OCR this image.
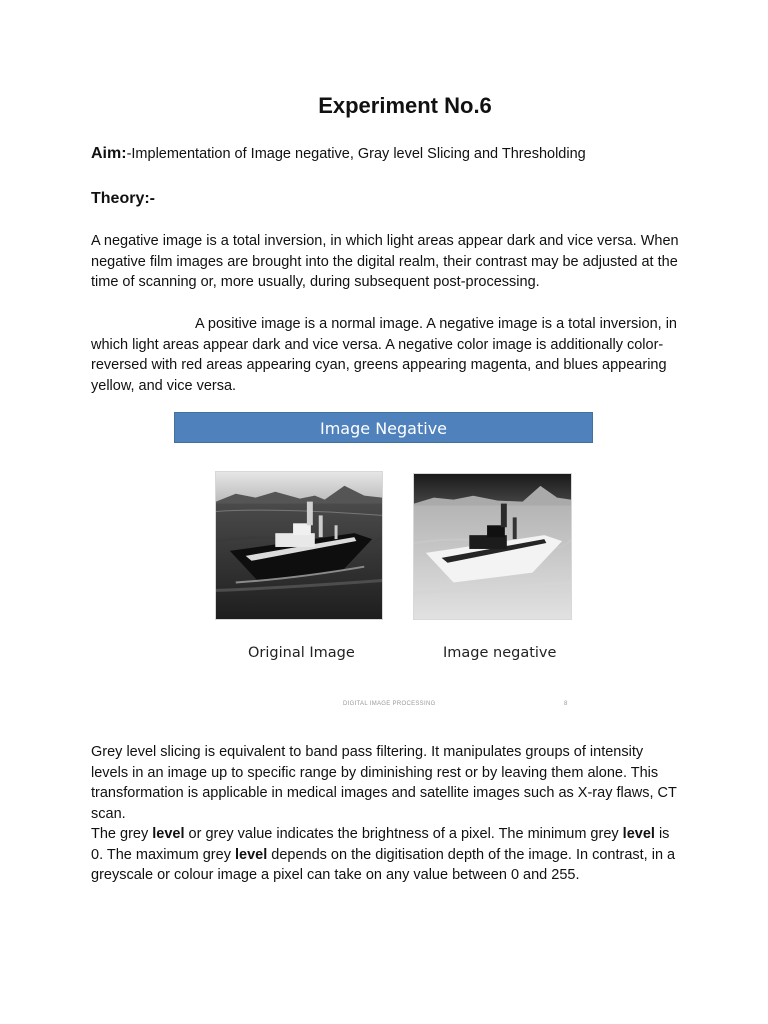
Experiment No.6
Aim:-Implementation of Image negative, Gray level Slicing and Thresholding
Theory:-

A negative image is a total inversion, in which light areas appear dark and vice versa. When negative film images are brought into the digital realm, their contrast may be adjusted at the time of scanning or, more usually, during subsequent post-processing.

A positive image is a normal image. A negative image is a total inversion, in which light areas appear dark and vice versa. A negative color image is additionally color-reversed with red areas appearing cyan, greens appearing magenta, and blues appearing yellow, and vice versa.

Image Negative
Original Image	Image negative
DIGITAL IMAGE PROCESSING	8

Grey level slicing is equivalent to band pass filtering. It manipulates groups of intensity levels in an image up to specific range by diminishing rest or by leaving them alone. This transformation is applicable in medical images and satellite images such as X-ray flaws, CT scan.

The grey level or grey value indicates the brightness of a pixel. The minimum grey level is 0. The maximum grey level depends on the digitisation depth of the image. In contrast, in a greyscale or colour image a pixel can take on any value between 0 and 255.
